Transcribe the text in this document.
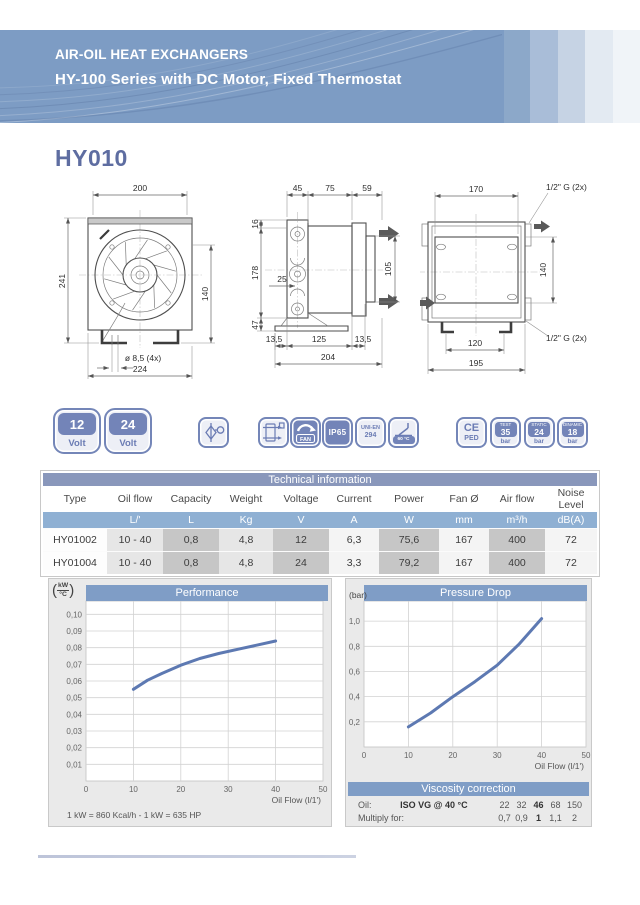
AIR-OIL HEAT EXCHANGERS
HY-100 Series with DC Motor, Fixed Thermostat
HY010
200
241
140
ø 8,5 (4x)
224
45	75	59
16
178
47
25
105
13,5	125	13,5
204
170	1/2" G (2x)
140
1/2" G (2x)
120
195
12
Volt
24
Volt	FAN
IP65	UNI-EN
294
60 °C
CE
PED
TEST
35
bar
STATIC
24
bar
DINAMIC
18
bar
Technical information
Type	Oil flow	Capacity	Weight	Voltage	Current	Power	Fan Ø	Air flow	Noise Level
	L/'	L	Kg	V	A	W	mm	m³/h	dB(A)
HY01002	10 - 40	0,8	4,8	12	6,3	75,6	167	400	72
HY01004	10 - 40	0,8	4,8	24	3,3	79,2	167	400	72
Performance
( $\frac{kW}{^\circ C}$ )
0	10	20	30	40	50
0,01
0,02
0,03
0,04
0,05
0,06
0,07
0,08
0,09
0,10
Oil Flow (l/1')
1 kW = 860 Kcal/h - 1 kW = 635 HP
Pressure Drop
(bar)
0	10	20	30	40	50
0,2
0,4
0,6
0,8
1,0
Oil Flow (l/1')
Viscosity correction
Oil:	ISO VG @ 40 °C	22 32 46 68 150
Multiply for:	0,7 0,9 1 1,1	2
